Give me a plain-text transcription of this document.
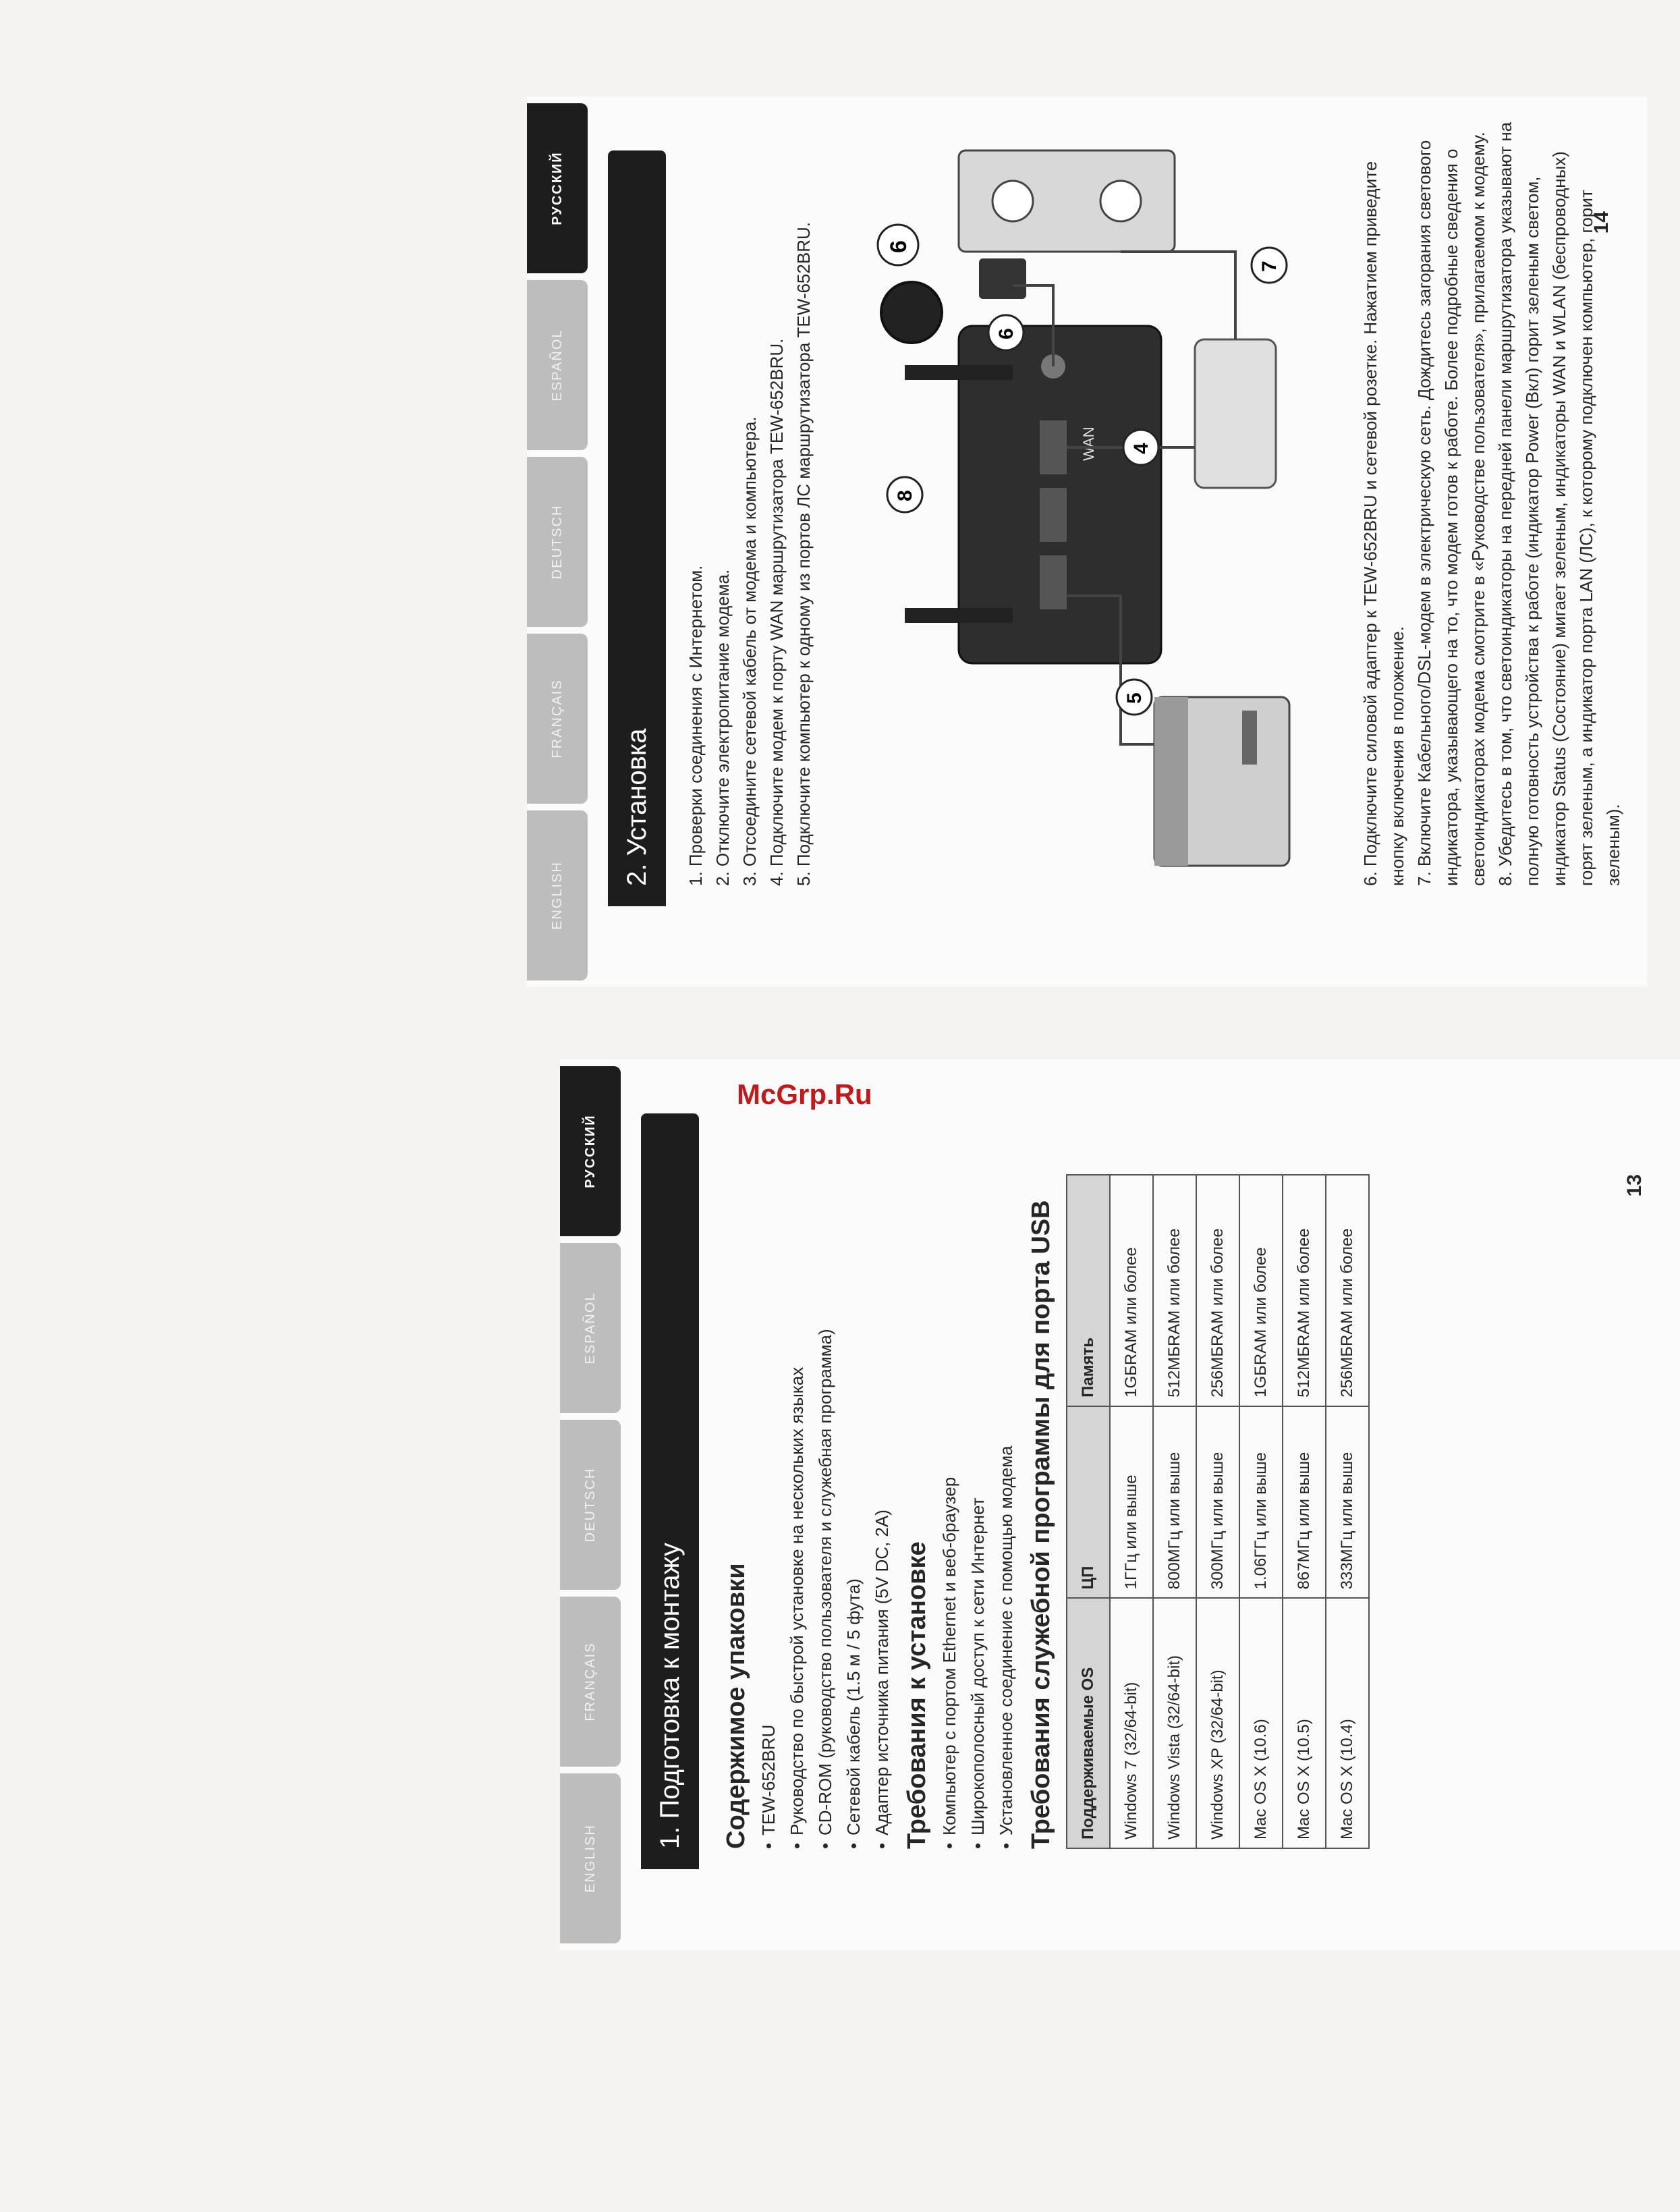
ENGLISH
FRANÇAIS
DEUTSCH
ESPAÑOL
РУССКИЙ
2. Установка	1. Проверки соединения с Интернетом. 2. Отключите электропитание модема. 3. Отсоедините сетевой кабель от модема и компьютера. 4. Подключите модем к порту WAN маршрутизатора TEW-652BRU. 5. Подключите компьютер к одному из портов ЛС маршрутизатора TEW-652BRU.	WAN 4
5
6
6
7
8	6. Подключите силовой адаптер к TEW-652BRU и сетевой розетке. Нажатием приведите кнопку включения в положение. 7. Включите Кабельного/DSL-модем в электрическую сеть. Дождитесь загорания светового индикатора, указывающего на то, что модем готов к работе. Более подробные сведения о светоиндикаторах модема смотрите в «Руководстве пользователя», прилагаемом к модему. 8. Убедитесь в том, что светоиндикаторы на передней панели маршрутизатора указывают на полную готовность устройства к работе (индикатор Power (Вкл) горит зеленым светом, индикатор Status (Состояние) мигает зеленым, индикаторы WAN и WLAN (беспроводных) горят зеленым, а индикатор порта LAN (ЛС), к которому подключен компьютер, горит зеленым).
14
ENGLISH
FRANÇAIS
DEUTSCH
ESPAÑOL
РУССКИЙ
1. Подготовка к монтажу	Содержимое упаковки • TEW-652BRU • Руководство по быстрой установке на нескольких языках • CD-ROM (руководство пользователя и служебная программа) • Сетевой кабель (1.5 м / 5 фута) • Адаптер источника питания (5V DC, 2A) Требования к установке • Компьютер с портом Ethernet и веб-браузер • Широкополосный доступ к сети Интернет • Установленное соединение с помощью модема Требования служебной программы для порта USB Поддерживаемые OS	ЦП	Память
Windows 7 (32/64-bit)	1ГГц или выше	1GБRAM или более
Windows Vista (32/64-bit)	800МГц или выше	512МБRAM или более
Windows XP (32/64-bit)	300МГц или выше	256МБRAM или более
Mac OS X (10.6)	1.06ГГц или выше	1GБRAM или более
Mac OS X (10.5)	867МГц или выше	512МБRAM или более
Mac OS X (10.4)	333МГц или выше	256МБRAM или более
13
McGrp.Ru
